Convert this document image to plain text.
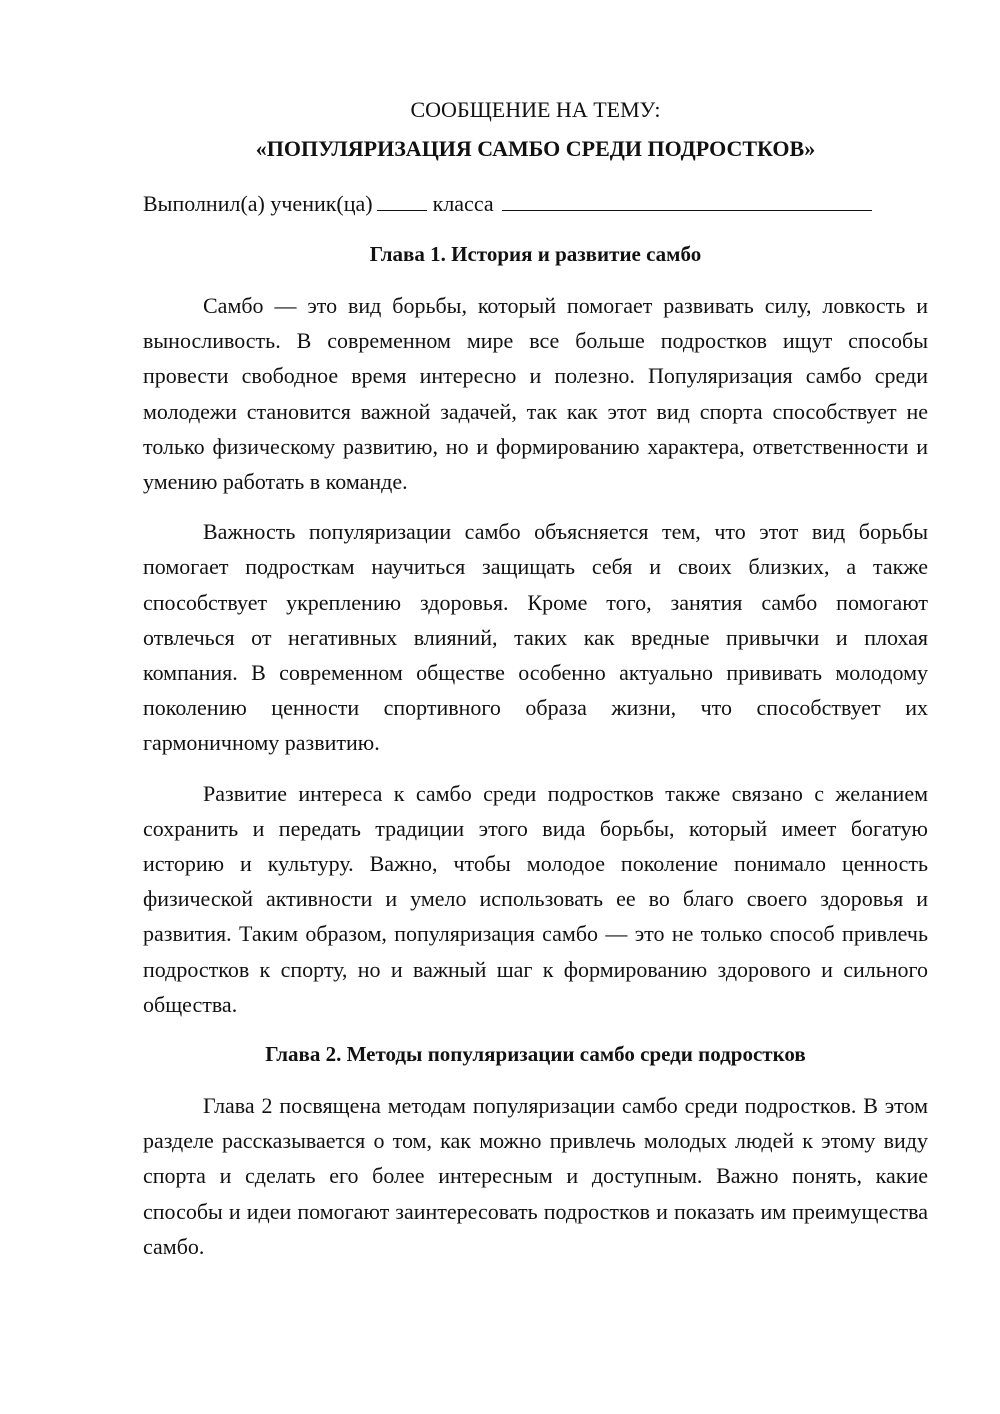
СООБЩЕНИЕ НА ТЕМУ:
«ПОПУЛЯРИЗАЦИЯ САМБО СРЕДИ ПОДРОСТКОВ»
Выполнил(а) ученик(ца)	класса
Глава 1. История и развитие самбо

Самбо — это вид борьбы, который помогает развивать силу, ловкость и выносливость. В современном мире все больше подростков ищут способы провести свободное время интересно и полезно. Популяризация самбо среди молодежи становится важной задачей, так как этот вид спорта способствует не только физическому развитию, но и формированию характера, ответственности и умению работать в команде.

Важность популяризации самбо объясняется тем, что этот вид борьбы помогает подросткам научиться защищать себя и своих близких, а также способствует укреплению здоровья. Кроме того, занятия самбо помогают отвлечься от негативных влияний, таких как вредные привычки и плохая компания. В современном обществе особенно актуально прививать молодому поколению ценности спортивного образа жизни, что способствует их гармоничному развитию.

Развитие интереса к самбо среди подростков также связано с желанием сохранить и передать традиции этого вида борьбы, который имеет богатую историю и культуру. Важно, чтобы молодое поколение понимало ценность физической активности и умело использовать ее во благо своего здоровья и развития. Таким образом, популяризация самбо — это не только способ привлечь подростков к спорту, но и важный шаг к формированию здорового и сильного общества.

Глава 2. Методы популяризации самбо среди подростков

Глава 2 посвящена методам популяризации самбо среди подростков. В этом разделе рассказывается о том, как можно привлечь молодых людей к этому виду спорта и сделать его более интересным и доступным. Важно понять, какие способы и идеи помогают заинтересовать подростков и показать им преимущества самбо.
